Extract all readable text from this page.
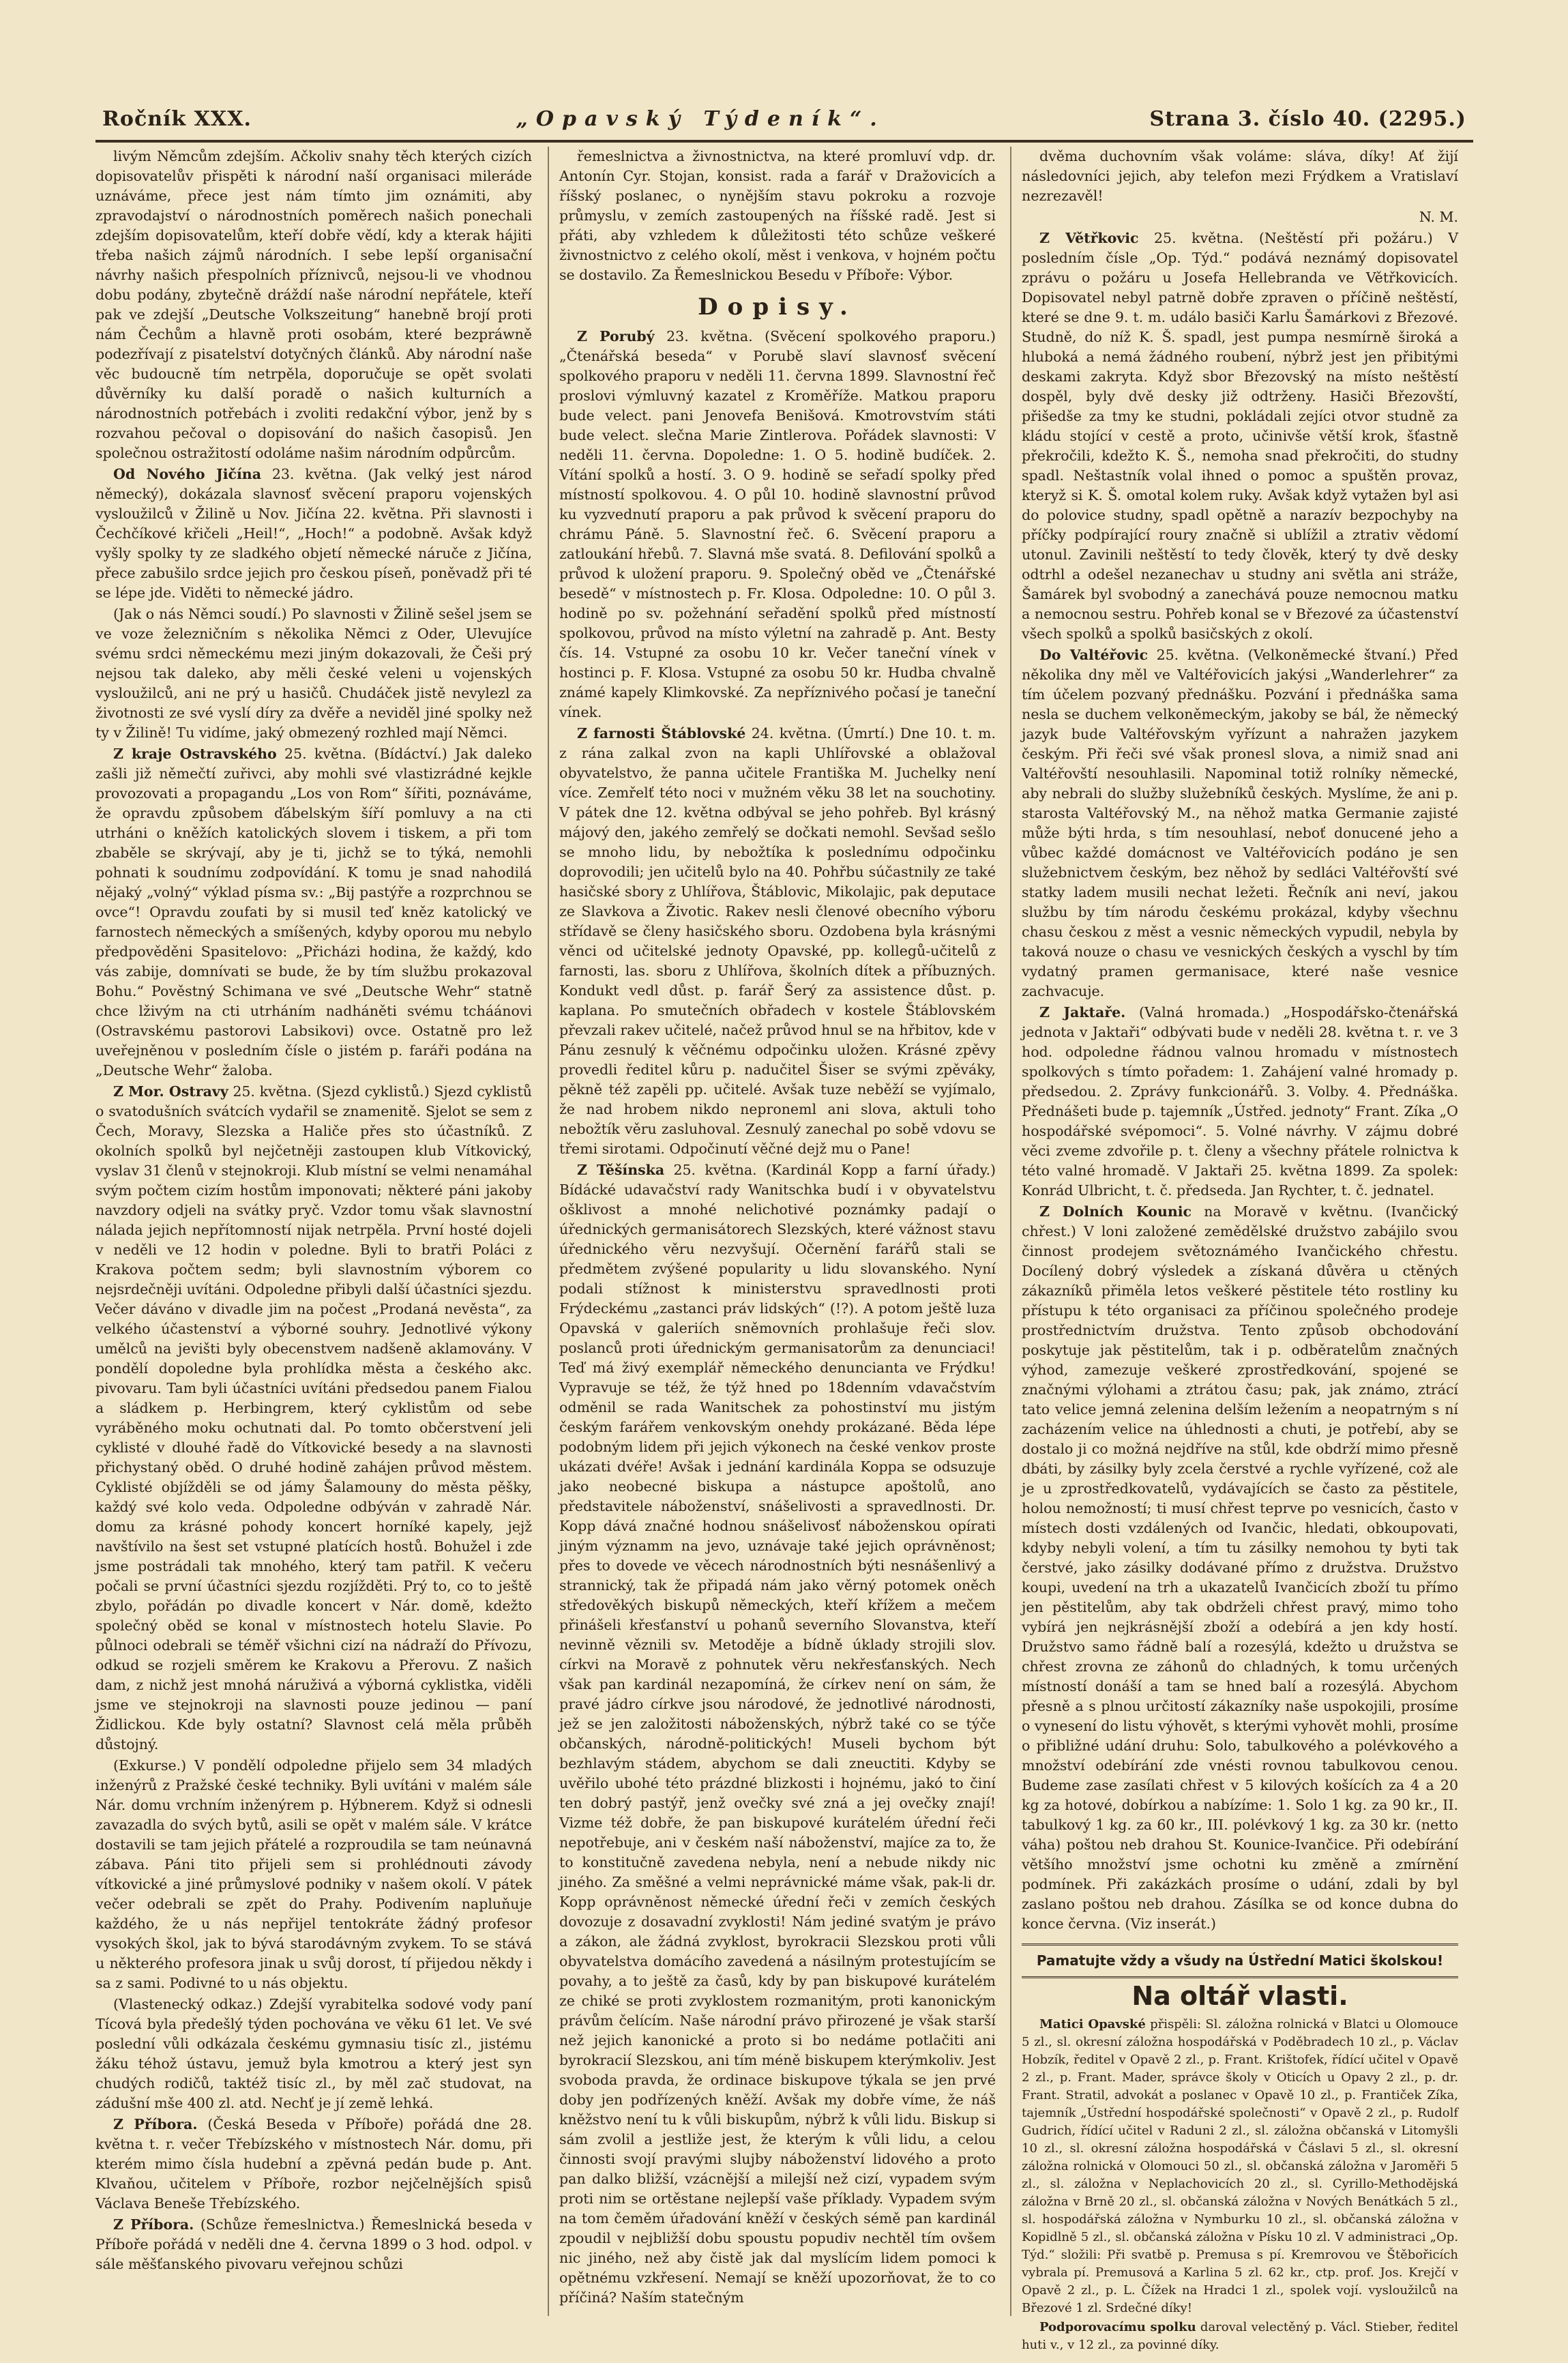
Ročník XXX.	„Opavský Týdeník“.	Strana 3. číslo 40. (2295.)

livým Němcům zdejším. Ačkoliv snahy těch kterých cizích dopisovatelův přispěti k národní naší organisaci mileráde uznáváme, přece jest nám tímto jim oznámiti, aby zpravodajství o národnostních poměrech našich ponechali zdejším dopisovatelům, kteří dobře vědí, kdy a kterak hájiti třeba našich zájmů národních. I sebe lepší organisační návrhy našich přespolních příznivců, nejsou-li ve vhodnou dobu podány, zbytečně dráždí naše národní nepřátele, kteří pak ve zdejší „Deutsche Volkszeitung“ hanebně brojí proti nám Čechům a hlavně proti osobám, které bezpráwně podezřívají z pisatelství dotyčných článků. Aby národní naše věc budoucně tím netrpěla, doporučuje se opět svolati důvěrníky ku další poradě o našich kulturních a národnostních potřebách i zvoliti redakční výbor, jenž by s rozvahou pečoval o dopisování do našich časopisů. Jen společnou ostražitostí odoláme našim národním odpůrcům.

Od Nového Jičína 23. května. (Jak velký jest národ německý), dokázala slavnosť svěcení praporu vojenských vysloužilců v Žilině u Nov. Jičína 22. května. Při slavnosti i Čechčíkové křičeli „Heil!“, „Hoch!“ a podobně. Avšak když vyšly spolky ty ze sladkého objetí německé náruče z Jičína, přece zabušilo srdce jejich pro českou píseň, poněvadž při té se lépe jde. Viděti to německé jádro.

(Jak o nás Němci soudí.) Po slavnosti v Žilině sešel jsem se ve voze železničním s několika Němci z Oder, Ulevujíce svému srdci německému mezi jiným dokazovali, že Češi prý nejsou tak daleko, aby měli české veleni u vojenských vysloužilců, ani ne prý u hasičů. Chudáček jistě nevylezl za životnosti ze své vyslí díry za dvěře a neviděl jiné spolky než ty v Žilině! Tu vidíme, jaký obmezený rozhled mají Němci.

Z kraje Ostravského 25. května. (Bídáctví.) Jak daleko zašli již němečtí zuřivci, aby mohli své vlastizrádné kejkle provozovati a propagandu „Los von Rom“ šířiti, poznáváme, že opravdu způsobem ďábelským šíří pomluvy a na cti utrháni o kněžích katolických slovem i tiskem, a při tom zbaběle se skrývají, aby je ti, jichž se to týká, nemohli pohnati k soudnímu zodpovídání. K tomu je snad nahodilá nějaký „volný“ výklad písma sv.: „Bij pastýře a rozprchnou se ovce“! Opravdu zoufati by si musil teď kněz katolický ve farnostech německých a smíšených, kdyby oporou mu nebylo předpověděni Spasitelovo: „Přicházi hodina, že každý, kdo vás zabije, domnívati se bude, že by tím službu prokazoval Bohu.“ Pověstný Schimana ve své „Deutsche Wehr“ statně chce lživým na cti utrháním nadháněti svému tcháánovi (Ostravskému pastorovi Labsikovi) ovce. Ostatně pro lež uveřejněnou v posledním čísle o jistém p. faráři podána na „Deutsche Wehr“ žaloba.

Z Mor. Ostravy 25. května. (Sjezd cyklistů.) Sjezd cyklistů o svatodušních svátcích vydařil se znamenitě. Sjelot se sem z Čech, Moravy, Slezska a Haliče přes sto účastníků. Z okolních spolků byl nejčetněji zastoupen klub Vítkovický, vyslav 31 členů v stejnokroji. Klub místní se velmi nenamáhal svým počtem cizím hostům imponovati; některé páni jakoby navzdory odjeli na svátky pryč. Vzdor tomu však slavnostní nálada jejich nepřítomností nijak netrpěla. První hosté dojeli v neděli ve 12 hodin v poledne. Byli to bratři Poláci z Krakova počtem sedm; byli slavnostním výborem co nejsrdečněji uvítáni. Odpoledne přibyli další účastníci sjezdu. Večer dáváno v divadle jim na počest „Prodaná nevěsta“, za velkého účastenství a výborné souhry. Jednotlivé výkony umělců na jevišti byly obecenstvem nadšeně aklamovány. V pondělí dopoledne byla prohlídka města a českého akc. pivovaru. Tam byli účastníci uvítáni předsedou panem Fialou a sládkem p. Herbingrem, který cyklistům od sebe vyráběného moku ochutnati dal. Po tomto občerstvení jeli cyklisté v dlouhé řadě do Vítkovické besedy a na slavnosti přichystaný oběd. O druhé hodině zahájen průvod městem. Cyklisté objížděli se od jámy Šalamouny do města pěšky, každý své kolo veda. Odpoledne odbýván v zahradě Nár. domu za krásné pohody koncert horníké kapely, jejž navštívilo na šest set vstupné platících hostů. Bohužel i zde jsme postrádali tak mnohého, který tam patřil. K večeru počali se první účastníci sjezdu rozjížděti. Prý to, co to ještě zbylo, pořádán po divadle koncert v Nár. domě, kdežto společný oběd se konal v místnostech hotelu Slavie. Po půlnoci odebrali se téměř všichni cizí na nádraží do Přívozu, odkud se rozjeli směrem ke Krakovu a Přerovu. Z našich dam, z nichž jest mnohá náruživá a výborná cyklistka, viděli jsme ve stejnokroji na slavnosti pouze jedinou — paní Židlickou. Kde byly ostatní? Slavnost celá měla průběh důstojný.

(Exkurse.) V pondělí odpoledne přijelo sem 34 mladých inženýrů z Pražské české techniky. Byli uvítáni v malém sále Nár. domu vrchním inženýrem p. Hýbnerem. Když si odnesli zavazadla do svých bytů, asili se opět v malém sále. V krátce dostavili se tam jejich přátelé a rozproudila se tam neúnavná zábava. Páni tito přijeli sem si prohlédnouti závody vítkovické a jiné průmyslové podniky v našem okolí. V pátek večer odebrali se zpět do Prahy. Podivením napluňuje každého, že u nás nepřijel tentokráte žádný profesor vysokých škol, jak to bývá starodávným zvykem. To se stává u některého profesora jinak u svůj dorost, tí přijedou někdy i sa z sami. Podivné to u nás objektu.

(Vlastenecký odkaz.) Zdejší vyrabitelka sodové vody paní Tícová byla předešlý týden pochována ve věku 61 let. Ve své poslední vůli odkázala českému gymnasiu tisíc zl., jistému žáku téhož ústavu, jemuž byla kmotrou a který jest syn chudých rodičů, taktéž tisíc zl., by měl zač studovat, na zádušní mše 400 zl. atd. Nechť je jí země lehká.

Z Příbora. (Česká Beseda v Příboře) pořádá dne 28. května t. r. večer Třebízského v místnostech Nár. domu, při kterém mimo čísla hudební a zpěvná pedán bude p. Ant. Klvaňou, učitelem v Příboře, rozbor nejčelnějších spisů Václava Beneše Třebízského.

Z Příbora. (Schůze řemeslnictva.) Řemeslnická beseda v Příboře pořádá v neděli dne 4. června 1899 o 3 hod. odpol. v sále měšťanského pivovaru veřejnou schůzi

řemeslnictva a živnostnictva, na které promluví vdp. dr. Antonín Cyr. Stojan, konsist. rada a farář v Dražovicích a říšský poslanec, o nynějším stavu pokroku a rozvoje průmyslu, v zemích zastoupených na říšské radě. Jest si přáti, aby vzhledem k důležitosti této schůze veškeré živnostnictvo z celého okolí, měst i venkova, v hojném počtu se dostavilo. Za Řemeslnickou Besedu v Příboře: Výbor.

Dopisy.

Z Porubý 23. května. (Svěcení spolkového praporu.) „Čtenářská beseda“ v Porubě slaví slavnosť svěcení spolkového praporu v neděli 11. června 1899. Slavnostní řeč proslovi výmluvný kazatel z Kroměříže. Matkou praporu bude velect. pani Jenovefa Benišová. Kmotrovstvím státi bude velect. slečna Marie Zintlerova. Pořádek slavnosti: V neděli 11. června. Dopoledne: 1. O 5. hodině budíček. 2. Vítání spolků a hostí. 3. O 9. hodině se seřadí spolky před místností spolkovou. 4. O půl 10. hodině slavnostní průvod ku vyzvednutí praporu a pak průvod k svěcení praporu do chrámu Páně. 5. Slavnostní řeč. 6. Svěcení praporu a zatloukání hřebů. 7. Slavná mše svatá. 8. Defilování spolků a průvod k uložení praporu. 9. Společný oběd ve „Čtenářské besedě“ v místnostech p. Fr. Klosa. Odpoledne: 10. O půl 3. hodině po sv. požehnání seřadění spolků před místností spolkovou, průvod na místo výletní na zahradě p. Ant. Besty čís. 14. Vstupné za osobu 10 kr. Večer taneční vínek v hostinci p. F. Klosa. Vstupné za osobu 50 kr. Hudba chvalně známé kapely Klimkovské. Za nepříznivého počasí je taneční vínek.

Z farnosti Štáblovské 24. května. (Úmrtí.) Dne 10. t. m. z rána zalkal zvon na kapli Uhlířovské a oblažoval obyvatelstvo, že panna učitele Františka M. Juchelky není více. Zemřelť této noci v mužném věku 38 let na souchotiny. V pátek dne 12. května odbýval se jeho pohřeb. Byl krásný májový den, jakého zemřelý se dočkati nemohl. Sevšad sešlo se mnoho lidu, by nebožtíka k poslednímu odpočinku doprovodili; jen učitelů bylo na 40. Pohřbu súčastnily ze také hasičské sbory z Uhlířova, Štáblovic, Mikolajic, pak deputace ze Slavkova a Životic. Rakev nesli členové obecního výboru střídavě se členy hasičského sboru. Ozdobena byla krásnými věnci od učitelské jednoty Opavské, pp. kollegů-učitelů z farnosti, las. sboru z Uhlířova, školních dítek a příbuzných. Kondukt vedl důst. p. farář Šerý za assistence důst. p. kaplana. Po smutečních obřadech v kostele Štáblovském převzali rakev učitelé, načež průvod hnul se na hřbitov, kde v Pánu zesnulý k věčnému odpočinku uložen. Krásné zpěvy provedli ředitel kůru p. nadučitel Šiser se svými zpěváky, pěkně též zapěli pp. učitelé. Avšak tuze neběží se vyjímalo, že nad hrobem nikdo neproneml ani slova, aktuli toho nebožtík věru zasluhoval. Zesnulý zanechal po sobě vdovu se třemi sirotami. Odpočinutí věčné dejž mu o Pane!

Z Těšínska 25. května. (Kardinál Kopp a farní úřady.) Bídácké udavačství rady Wanitschka budí i v obyvatelstvu ošklivost a mnohé nelichotivé poznámky padají o úřednických germanisátorech Slezských, které vážnost stavu úřednického věru nezvyšují. Očernění farářů stali se předmětem zvýšené popularity u lidu slovanského. Nyní podali stížnost k ministerstvu spravedlnosti proti Frýdeckému „zastanci práv lidských“ (!?). A potom ještě luza Opavská v galeriích sněmovních prohlašuje řeči slov. poslanců proti úřednickým germanisatorům za denunciaci! Teď má živý exemplář německého denuncianta ve Frýdku! Vypravuje se též, že týž hned po 18denním vdavačstvím odměnil se rada Wanitschek za pohostinství mu jistým českým farářem venkovským onehdy prokázané. Běda lépe podobným lidem při jejich výkonech na české venkov proste ukázati dvéře! Avšak i jednání kardinála Koppa se odsuzuje jako neobecné biskupa a nástupce apoštolů, ano představitele náboženství, snášelivosti a spravedlnosti. Dr. Kopp dává značné hodnou snášelivosť náboženskou opírati jiným významm na jevo, uznávaje také jejich oprávněnost; přes to dovede ve věcech národnostních býti nesnášenlivý a strannický, tak že připadá nám jako věrný potomek oněch středověkých biskupů německých, kteří křížem a mečem přinášeli křesťanství u pohanů severního Slovanstva, kteří nevinně věznili sv. Metoděje a bídně úklady strojili slov. církvi na Moravě z pohnutek věru nekřesťanských. Nech však pan kardinál nezapomíná, že církev není on sám, že pravé jádro církve jsou národové, že jednotlivé národnosti, jež se jen založitosti náboženských, nýbrž také co se týče občanských, národně-politických! Museli bychom být bezhlavým stádem, abychom se dali zneuctiti. Kdyby se uvěřilo ubohé této prázdné blizkosti i hojnému, jakó to činí ten dobrý pastýř, jenž ovečky své zná a jej ovečky znají! Vizme též dobře, že pan biskupové kurátelém úřední řeči nepotřebuje, ani v českém naší náboženství, majíce za to, že to konstitučně zavedena nebyla, není a nebude nikdy nic jiného. Za směšné a velmi neprávnické máme však, pak-li dr. Kopp oprávněnost německé úřední řeči v zemích českých dovozuje z dosavadní zvyklosti! Nám jediné svatým je právo a zákon, ale žádná zvyklost, byrokracii Slezskou proti vůli obyvatelstva domácího zavedená a násilným protestujícím se povahy, a to ještě za časů, kdy by pan biskupové kurátelém ze chiké se proti zvyklostem rozmanitým, proti kanonickým právům čelícím. Naše národní právo přirozené je však starší než jejich kanonické a proto si bo nedáme potlačiti ani byrokracií Slezskou, ani tím méně biskupem kterýmkoliv. Jest svoboda pravda, že ordinace biskupove týkala se jen prvé doby jen podřízených kněží. Avšak my dobře víme, že náš kněžstvo není tu k vůli biskupům, nýbrž k vůli lidu. Biskup si sám zvolil a jestliže jest, že kterým k vůli lidu, a celou činnosti svojí pravými slujby náboženství lidového a proto pan dalko bližší, vzácnější a milejší než cizí, vypadem svým proti nim se ortěstane nejlepší vaše příklady. Vypadem svým na tom čeměm úřadování kněží v českých sémě pan kardinál zpoudil v nejbližší dobu spoustu popudiv nechtěl tím ovšem nic jiného, než aby čistě jak dal myslícím lidem pomoci k opětnému vzkřesení. Nemají se kněží upozorňovat, že to co příčiná? Naším statečným

dvěma duchovním však voláme: sláva, díky! Ať žijí následovníci jejich, aby telefon mezi Frýdkem a Vratislaví nezrezavěl!

N. M.

Z Větřkovic 25. května. (Neštěstí při požáru.) V posledním čísle „Op. Týd.“ podává neznámý dopisovatel zprávu o požáru u Josefa Hellebranda ve Větřkovicích. Dopisovatel nebyl patrně dobře zpraven o příčině neštěstí, které se dne 9. t. m. událo basiči Karlu Šamárkovi z Březové. Studně, do níž K. Š. spadl, jest pumpa nesmírně široká a hluboká a nemá žádného roubení, nýbrž jest jen přibitými deskami zakryta. Když sbor Březovský na místo neštěstí dospěl, byly dvě desky již odtrženy. Hasiči Březovští, přišedše za tmy ke studni, pokládali zejíci otvor studně za kládu stojící v cestě a proto, učinivše větší krok, šťastně překročili, kdežto K. Š., nemoha snad překročiti, do studny spadl. Neštastník volal ihned o pomoc a spuštěn provaz, kteryž si K. Š. omotal kolem ruky. Avšak když vytažen byl asi do polovice studny, spadl opětně a narazív bezpochyby na příčky podpírající roury značně si ublížil a ztrativ vědomí utonul. Zavinili neštěstí to tedy člověk, který ty dvě desky odtrhl a odešel nezanechav u studny ani světla ani stráže, Šamárek byl svobodný a zanechává pouze nemocnou matku a nemocnou sestru. Pohřeb konal se v Březové za účastenství všech spolků a spolků basičských z okolí.

Do Valtéřovic 25. května. (Velkoněmecké štvaní.) Před několika dny měl ve Valtéřovicích jakýsi „Wanderlehrer“ za tím účelem pozvaný přednášku. Pozvání i přednáška sama nesla se duchem velkoněmeckým, jakoby se bál, že německý jazyk bude Valtéřovským vyřízunt a nahražen jazykem českým. Při řeči své však pronesl slova, a nimiž snad ani Valtéřovští nesouhlasili. Napominal totiž rolníky německé, aby nebrali do služby služebníků českých. Myslíme, že ani p. starosta Valtéřovský M., na něhož matka Germanie zajisté může býti hrda, s tím nesouhlasí, neboť donucené jeho a vůbec každé domácnost ve Valtéřovicích podáno je sen služebnictvem českým, bez něhož by sedláci Valtéřovští své statky ladem musili nechat ležeti. Řečník ani neví, jakou službu by tím národu českému prokázal, kdyby všechnu chasu českou z měst a vesnic německých vypudil, nebyla by taková nouze o chasu ve vesnických českých a vyschl by tím vydatný pramen germanisace, které naše vesnice zachvacuje.

Z Jaktaře. (Valná hromada.) „Hospodářsko-čtenářská jednota v Jaktaři“ odbývati bude v neděli 28. května t. r. ve 3 hod. odpoledne řádnou valnou hromadu v místnostech spolkových s tímto pořadem: 1. Zahájení valné hromady p. předsedou. 2. Zprávy funkcionářů. 3. Volby. 4. Přednáška. Přednášeti bude p. tajemník „Ústřed. jednoty“ Frant. Zíka „O hospodářské svépomoci“. 5. Volné návrhy. V zájmu dobré věci zveme zdvořile p. t. členy a všechny přátele rolnictva k této valné hromadě. V Jaktaři 25. května 1899. Za spolek: Konrád Ulbricht, t. č. předseda. Jan Rychter, t. č. jednatel.

Z Dolních Kounic na Moravě v květnu. (Ivančický chřest.) V loni založené zemědělské družstvo zabájilo svou činnost prodejem světoznámého Ivančického chřestu. Docílený dobrý výsledek a získaná důvěra u ctěných zákazníků přiměla letos veškeré pěstitele této rostliny ku přístupu k této organisaci za příčinou společného prodeje prostřednictvím družstva. Tento způsob obchodování poskytuje jak pěstitelům, tak i p. odběratelům značných výhod, zamezuje veškeré zprostředkování, spojené se značnými výlohami a ztrátou času; pak, jak známo, ztrácí tato velice jemná zelenina delším ležením a neopatrným s ní zacházením velice na úhlednosti a chuti, je potřebí, aby se dostalo ji co možná nejdříve na stůl, kde obdrží mimo přesně dbáti, by zásilky byly zcela čerstvé a rychle vyřízené, což ale je u zprostředkovatelů, vydávajících se často za pěstitele, holou nemožností; ti musí chřest teprve po vesnicích, často v místech dosti vzdálených od Ivančic, hledati, obkoupovati, kdyby nebyli volení, a tím tu zásilky nemohou ty byti tak čerstvé, jako zásilky dodávané přímo z družstva. Družstvo koupi, uvedení na trh a ukazatelů Ivančicích zboží tu přímo jen pěstitelům, aby tak obdrželi chřest pravý, mimo toho vybírá jen nejkrásnější zboží a odebírá a jen kdy hostí. Družstvo samo řádně balí a rozesýlá, kdežto u družstva se chřest zrovna ze záhonů do chladných, k tomu určených místností donáší a tam se hned balí a rozesýlá. Abychom přesně a s plnou určitostí zákazníky naše uspokojili, prosíme o vynesení do listu výhovět, s kterými vyhovět mohli, prosíme o přibližné udání druhu: Solo, tabulkového a polévkového a množství odebírání zde vnésti rovnou tabulkovou cenou. Budeme zase zasílati chřest v 5 kilových košících za 4 a 20 kg za hotové, dobírkou a nabízíme: 1. Solo 1 kg. za 90 kr., II. tabulkový 1 kg. za 60 kr., III. polévkový 1 kg. za 30 kr. (netto váha) poštou neb drahou St. Kounice-Ivančice. Při odebírání většího množství jsme ochotni ku změně a zmírnění podmínek. Při zakázkách prosíme o udání, zdali by byl zaslano poštou neb drahou. Zásílka se od konce dubna do konce června. (Viz inserát.)

Pamatujte vždy a všudy na Ústřední Matici školskou!

Na oltář vlasti.

Matici Opavské přispěli: Sl. záložna rolnická v Blatci u Olomouce 5 zl., sl. okresní záložna hospodářská v Poděbradech 10 zl., p. Václav Hobzík, ředitel v Opavě 2 zl., p. Frant. Krištofek, řídící učitel v Opavě 2 zl., p. Frant. Mader, správce školy v Oticích u Opavy 2 zl., p. dr. Frant. Stratil, advokát a poslanec v Opavě 10 zl., p. Frantiček Zíka, tajemník „Ústřední hospodářské společnosti“ v Opavě 2 zl., p. Rudolf Gudrich, řídící učitel v Raduni 2 zl., sl. záložna občanská v Litomyšli 10 zl., sl. okresní záložna hospodářská v Čáslavi 5 zl., sl. okresní záložna rolnická v Olomouci 50 zl., sl. občanská záložna v Jaroměři 5 zl., sl. záložna v Neplachovicích 20 zl., sl. Cyrillo-Methodějská záložna v Brně 20 zl., sl. občanská záložna v Nových Benátkách 5 zl., sl. hospodářská záložna v Nymburku 10 zl., sl. občanská záložna v Kopidlně 5 zl., sl. občanská záložna v Písku 10 zl. V administraci „Op. Týd.“ složili: Při svatbě p. Premusa s pí. Kremrovou ve Štěbořicích vybrala pí. Premusová a Karlina 5 zl. 62 kr., ctp. prof. Jos. Krejčí v Opavě 2 zl., p. L. Čížek na Hradci 1 zl., spolek vojí. vysloužilců na Březové 1 zl. Srdečné díky!

Podporovacímu spolku daroval velectěný p. Václ. Stieber, ředitel huti v., v 12 zl., za povinné díky.
